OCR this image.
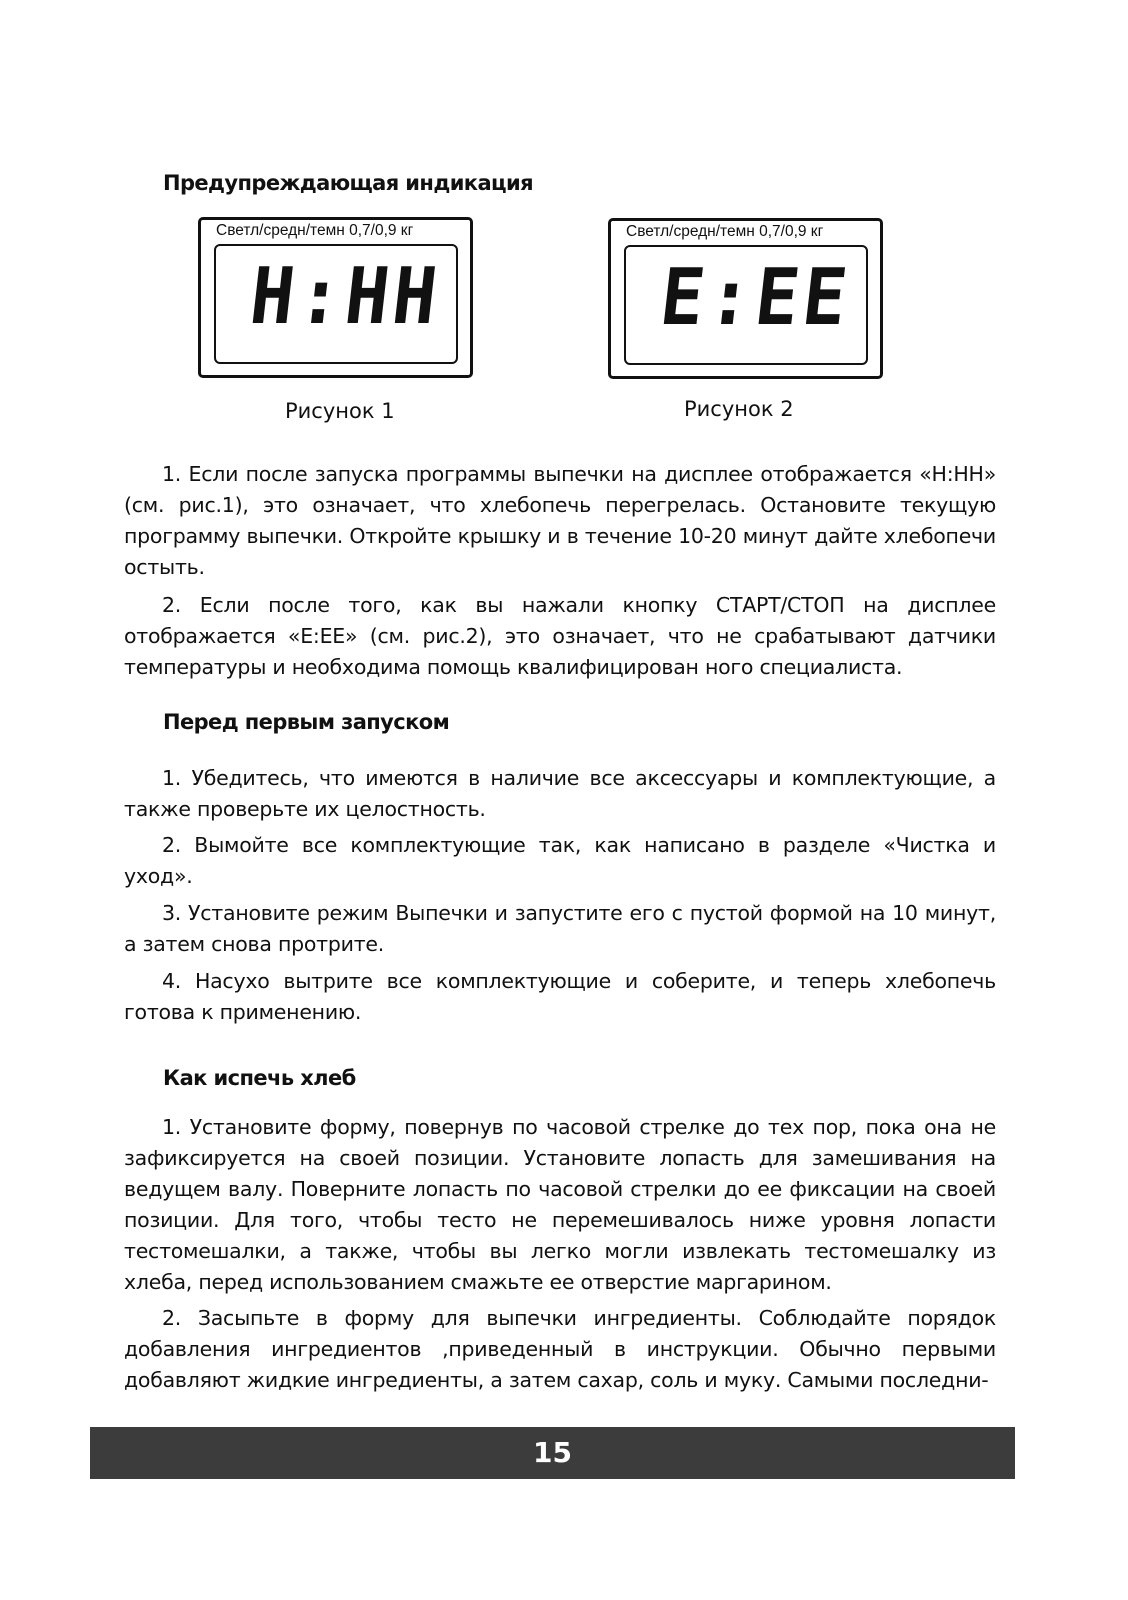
Предупреждающая индикация
Светл/средн/темн 0,7/0,9 кг
H:HH
Рисунок 1
Светл/средн/темн 0,7/0,9 кг
E:EE
Рисунок 2

1. Если после запуска программы выпечки на дисплее отображается «H:HH» (см. рис.1), это означает, что хлебопечь перегрелась. Остановите текущую программу выпечки. Откройте крышку и в течение 10-20 минут дайте хлебопечи остыть.

2. Если после того, как вы нажали кнопку СТАРТ/СТОП на дисплее отображается «E:EE» (см. рис.2), это означает, что не срабатывают датчики температуры и необходима помощь квалифицирован ного специалиста.

Перед первым запуском

1. Убедитесь, что имеются в наличие все аксессуары и комплектующие, а также проверьте их целостность.

2. Вымойте все комплектующие так, как написано в разделе «Чистка и уход».

3. Установите режим Выпечки и запустите его с пустой формой на 10 минут, а затем снова протрите.

4. Насухо вытрите все комплектующие и соберите, и теперь хлебопечь готова к применению.

Как испечь хлеб

1. Установите форму, повернув по часовой стрелке до тех пор, пока она не зафиксируется на своей позиции. Установите лопасть для замешивания на ведущем валу. Поверните лопасть по часовой стрелки до ее фиксации на своей позиции. Для того, чтобы тесто не перемешивалось ниже уровня лопасти тестомешалки, а также, чтобы вы легко могли извлекать тестомешалку из хлеба, перед использованием смажьте ее отверстие маргарином.

2. Засыпьте в форму для выпечки ингредиенты. Соблюдайте порядок добавления ингредиентов ,приведенный в инструкции. Обычно первыми добавляют жидкие ингредиенты, а затем сахар, соль и муку. Самыми последни-

15
